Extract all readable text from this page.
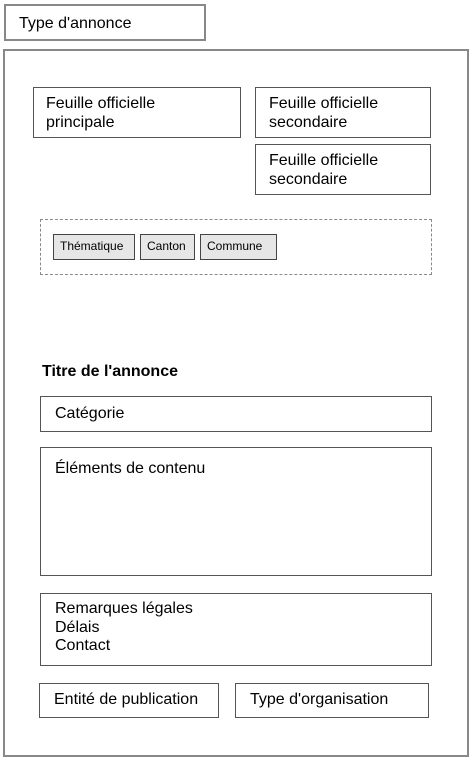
Type d'annonce
Feuille officielle
principale
Feuille officielle
secondaire
Feuille officielle
secondaire
Thématique	Canton	Commune
Titre de l'annonce
Catégorie
Éléments de contenu
Remarques légales
Délais
Contact
Entité de publication	Type d'organisation
